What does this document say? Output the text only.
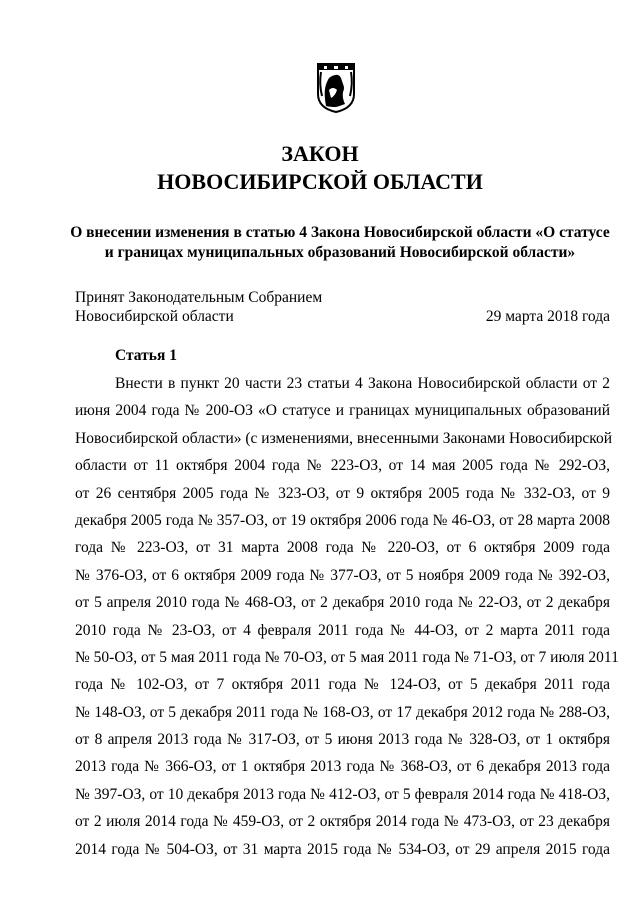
ЗАКОН
НОВОСИБИРСКОЙ ОБЛАСТИ
О внесении изменения в статью 4 Закона Новосибирской области «О статусе
и границах муниципальных образований Новосибирской области»
Принят Законодательным Собранием
Новосибирской области	29 марта 2018 года
Статья 1
Внести в пункт 20 части 23 статьи 4 Закона Новосибирской области от 2
июня 2004 года № 200-ОЗ «О статусе и границах муниципальных образований
Новосибирской области» (с изменениями, внесенными Законами Новосибирской
области от 11 октября 2004 года № 223-ОЗ, от 14 мая 2005 года № 292-ОЗ,
от 26 сентября 2005 года № 323-ОЗ, от 9 октября 2005 года № 332-ОЗ, от 9
декабря 2005 года № 357-ОЗ, от 19 октября 2006 года № 46-ОЗ, от 28 марта 2008
года № 223-ОЗ, от 31 марта 2008 года № 220-ОЗ, от 6 октября 2009 года
№ 376-ОЗ, от 6 октября 2009 года № 377-ОЗ, от 5 ноября 2009 года № 392-ОЗ,
от 5 апреля 2010 года № 468-ОЗ, от 2 декабря 2010 года № 22-ОЗ, от 2 декабря
2010 года № 23-ОЗ, от 4 февраля 2011 года № 44-ОЗ, от 2 марта 2011 года
№ 50-ОЗ, от 5 мая 2011 года № 70-ОЗ, от 5 мая 2011 года № 71-ОЗ, от 7 июля 2011
года № 102-ОЗ, от 7 октября 2011 года № 124-ОЗ, от 5 декабря 2011 года
№ 148-ОЗ, от 5 декабря 2011 года № 168-ОЗ, от 17 декабря 2012 года № 288-ОЗ,
от 8 апреля 2013 года № 317-ОЗ, от 5 июня 2013 года № 328-ОЗ, от 1 октября
2013 года № 366-ОЗ, от 1 октября 2013 года № 368-ОЗ, от 6 декабря 2013 года
№ 397-ОЗ, от 10 декабря 2013 года № 412-ОЗ, от 5 февраля 2014 года № 418-ОЗ,
от 2 июля 2014 года № 459-ОЗ, от 2 октября 2014 года № 473-ОЗ, от 23 декабря
2014 года № 504-ОЗ, от 31 марта 2015 года № 534-ОЗ, от 29 апреля 2015 года
